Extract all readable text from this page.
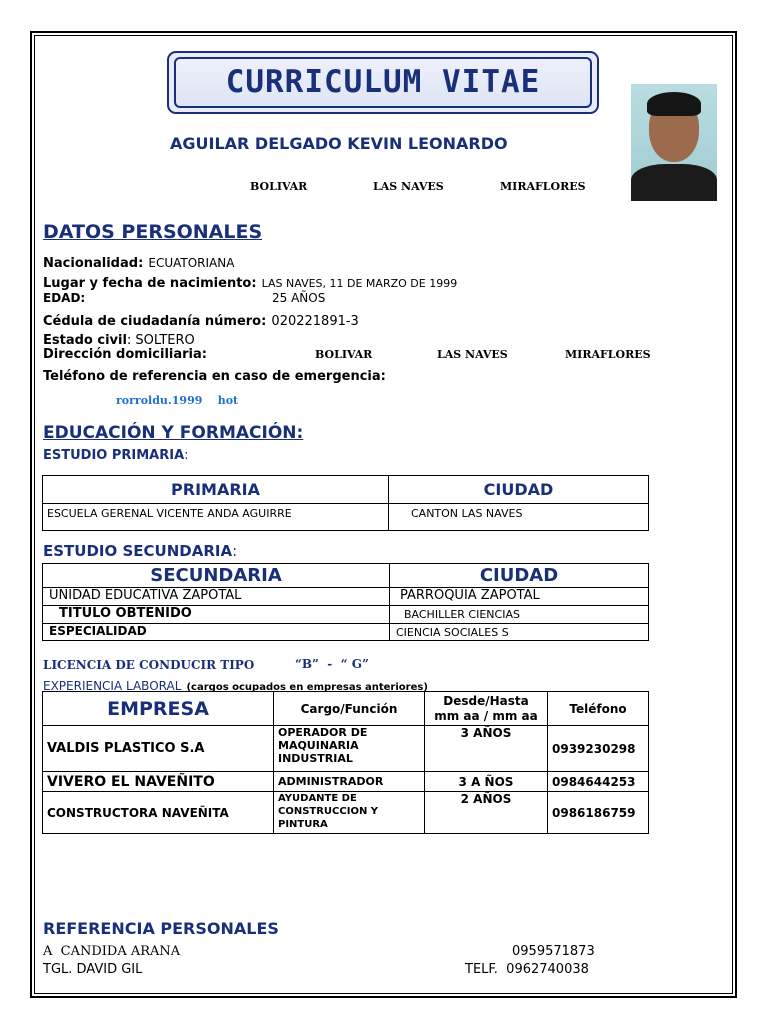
CURRICULUM VITAE
AGUILAR DELGADO KEVIN LEONARDO
BOLIVAR	LAS NAVES	MIRAFLORES
DATOS PERSONALES
Nacionalidad: ECUATORIANA
Lugar y fecha de nacimiento: LAS NAVES, 11 DE MARZO DE 1999
EDAD:	25 AÑOS
Cédula de ciudadanía número: 020221891-3
Estado civil: SOLTERO
Dirección domiciliaria:	BOLIVAR	LAS NAVES	MIRAFLORES
Teléfono de referencia en caso de emergencia:
rorroldu.1999    hot
EDUCACIÓN Y FORMACIÓN:
ESTUDIO PRIMARIA:
PRIMARIA	CIUDAD
ESCUELA GERENAL VICENTE ANDA AGUIRRE	CANTON LAS NAVES
ESTUDIO SECUNDARIA:
SECUNDARIA	CIUDAD
UNIDAD EDUCATIVA ZAPOTAL	PARROQUIA ZAPOTAL
TITULO OBTENIDO	BACHILLER CIENCIAS
ESPECIALIDAD	CIENCIA SOCIALES S
LICENCIA DE CONDUCIR TIPO	“B”  -  “ G”
EXPERIENCIA LABORAL (cargos ocupados en empresas anteriores)
EMPRESA	Cargo/Función	Desde/Hasta mm aa / mm aa	Teléfono
VALDIS PLASTICO S.A	OPERADOR DE MAQUINARIA INDUSTRIAL	3 AÑOS	0939230298
VIVERO EL NAVEÑITO	ADMINISTRADOR	3 A ÑOS	0984644253
CONSTRUCTORA NAVEÑITA	AYUDANTE DE CONSTRUCCION Y PINTURA	2 AÑOS	0986186759
REFERENCIA PERSONALES
A  CANDIDA ARANA	0959571873
TGL. DAVID GIL	TELF.  0962740038
